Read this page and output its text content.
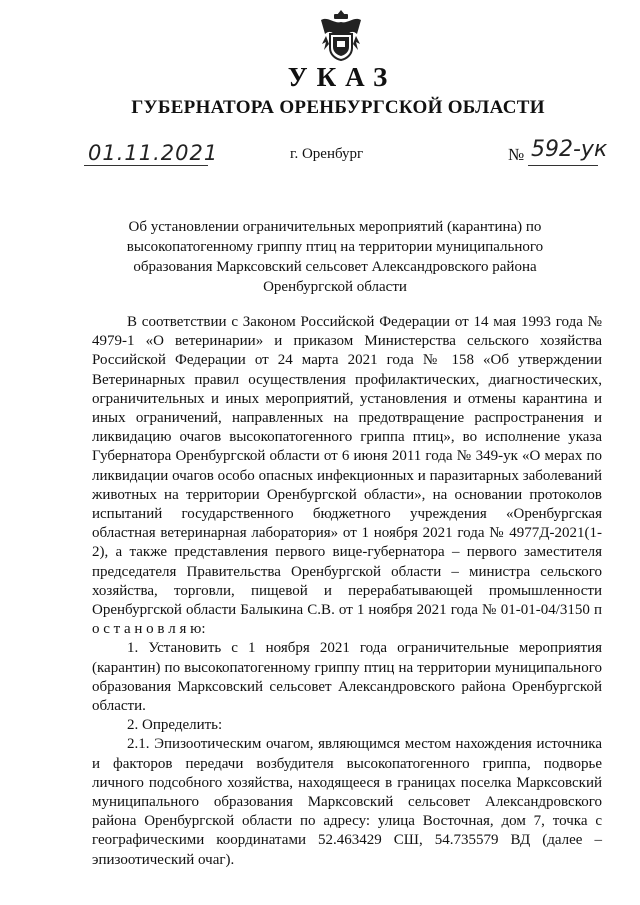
УКАЗ
ГУБЕРНАТОРА ОРЕНБУРГСКОЙ ОБЛАСТИ
01.11.2021	г. Оренбург	№ 592-ук
Об установлении ограничительных мероприятий (карантина) по высокопатогенному гриппу птиц на территории муниципального образования Марксовский сельсовет Александровского района Оренбургской области

В соответствии с Законом Российской Федерации от 14 мая 1993 года № 4979-1 «О ветеринарии» и приказом Министерства сельского хозяйства Российской Федерации от 24 марта 2021 года № 158 «Об утверждении Ветеринарных правил осуществления профилактических, диагностических, ограничительных и иных мероприятий, установления и отмены карантина и иных ограничений, направленных на предотвращение распространения и ликвидацию очагов высокопатогенного гриппа птиц», во исполнение указа Губернатора Оренбургской области от 6 июня 2011 года № 349-ук «О мерах по ликвидации очагов особо опасных инфекционных и паразитарных заболеваний животных на территории Оренбургской области», на основании протоколов испытаний государственного бюджетного учреждения «Оренбургская областная ветеринарная лаборатория» от 1 ноября 2021 года № 4977Д-2021(1-2), а также представления первого вице-губернатора – первого заместителя председателя Правительства Оренбургской области – министра сельского хозяйства, торговли, пищевой и перерабатывающей промышленности Оренбургской области Балыкина С.В. от 1 ноября 2021 года № 01-01-04/3150 п о с т а н о в л я ю:

1. Установить с 1 ноября 2021 года ограничительные мероприятия (карантин) по высокопатогенному гриппу птиц на территории муниципального образования Марксовский сельсовет Александровского района Оренбургской области.

2. Определить:

2.1. Эпизоотическим очагом, являющимся местом нахождения источника и факторов передачи возбудителя высокопатогенного гриппа, подворье личного подсобного хозяйства, находящееся в границах поселка Марксовский муниципального образования Марксовский сельсовет Александровского района Оренбургской области по адресу: улица Восточная, дом 7, точка с географическими координатами 52.463429 СШ, 54.735579 ВД (далее – эпизоотический очаг).
